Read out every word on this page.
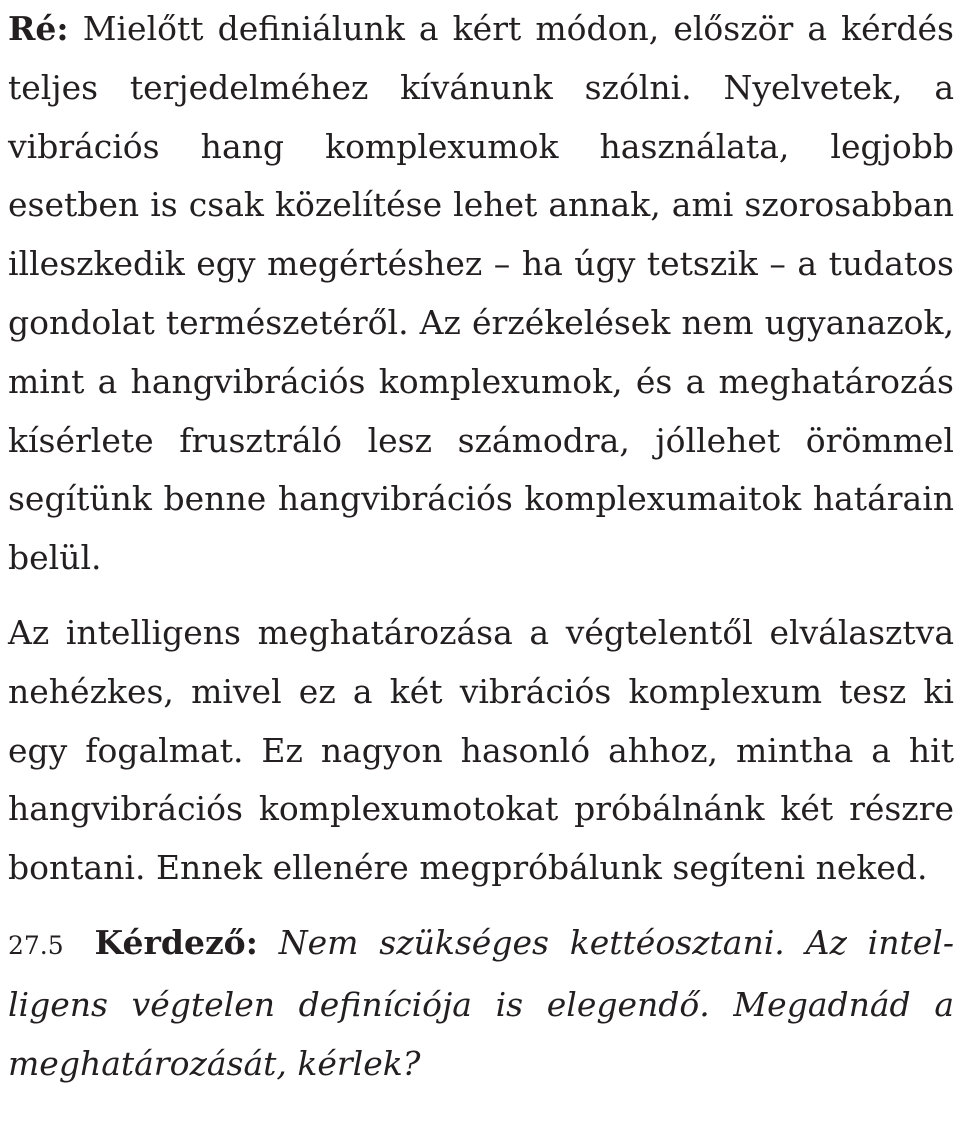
Ré: Mielőtt definiálunk a kért módon, először a kérdés teljes terjedelméhez kívánunk szólni. Nyelvetek, a vibrációs hang komplexumok használata, legjobb esetben is csak közelítése lehet annak, ami szorosabban illeszkedik egy megértéshez – ha úgy tetszik – a tudatos gondolat természetéről. Az érzékelések nem ugyanazok, mint a hangvibrációs komplexumok, és a meghatározás kísérlete frusztráló lesz számodra, jóllehet örömmel segítünk benne hangvibrációs komplexumaitok határain belül.

Az intelligens meghatározása a végtelentől elválasztva nehézkes, mivel ez a két vibrációs komplexum tesz ki egy fogalmat. Ez nagyon hasonló ahhoz, mintha a hit hangvibrációs komplexumotokat próbálnánk két részre bontani. Ennek ellenére megpróbálunk segíteni neked.

27.5 Kérdező: Nem szükséges kettéosztani. Az intelligens végtelen definíciója is elegendő. Megadnád a meghatározását, kérlek?
